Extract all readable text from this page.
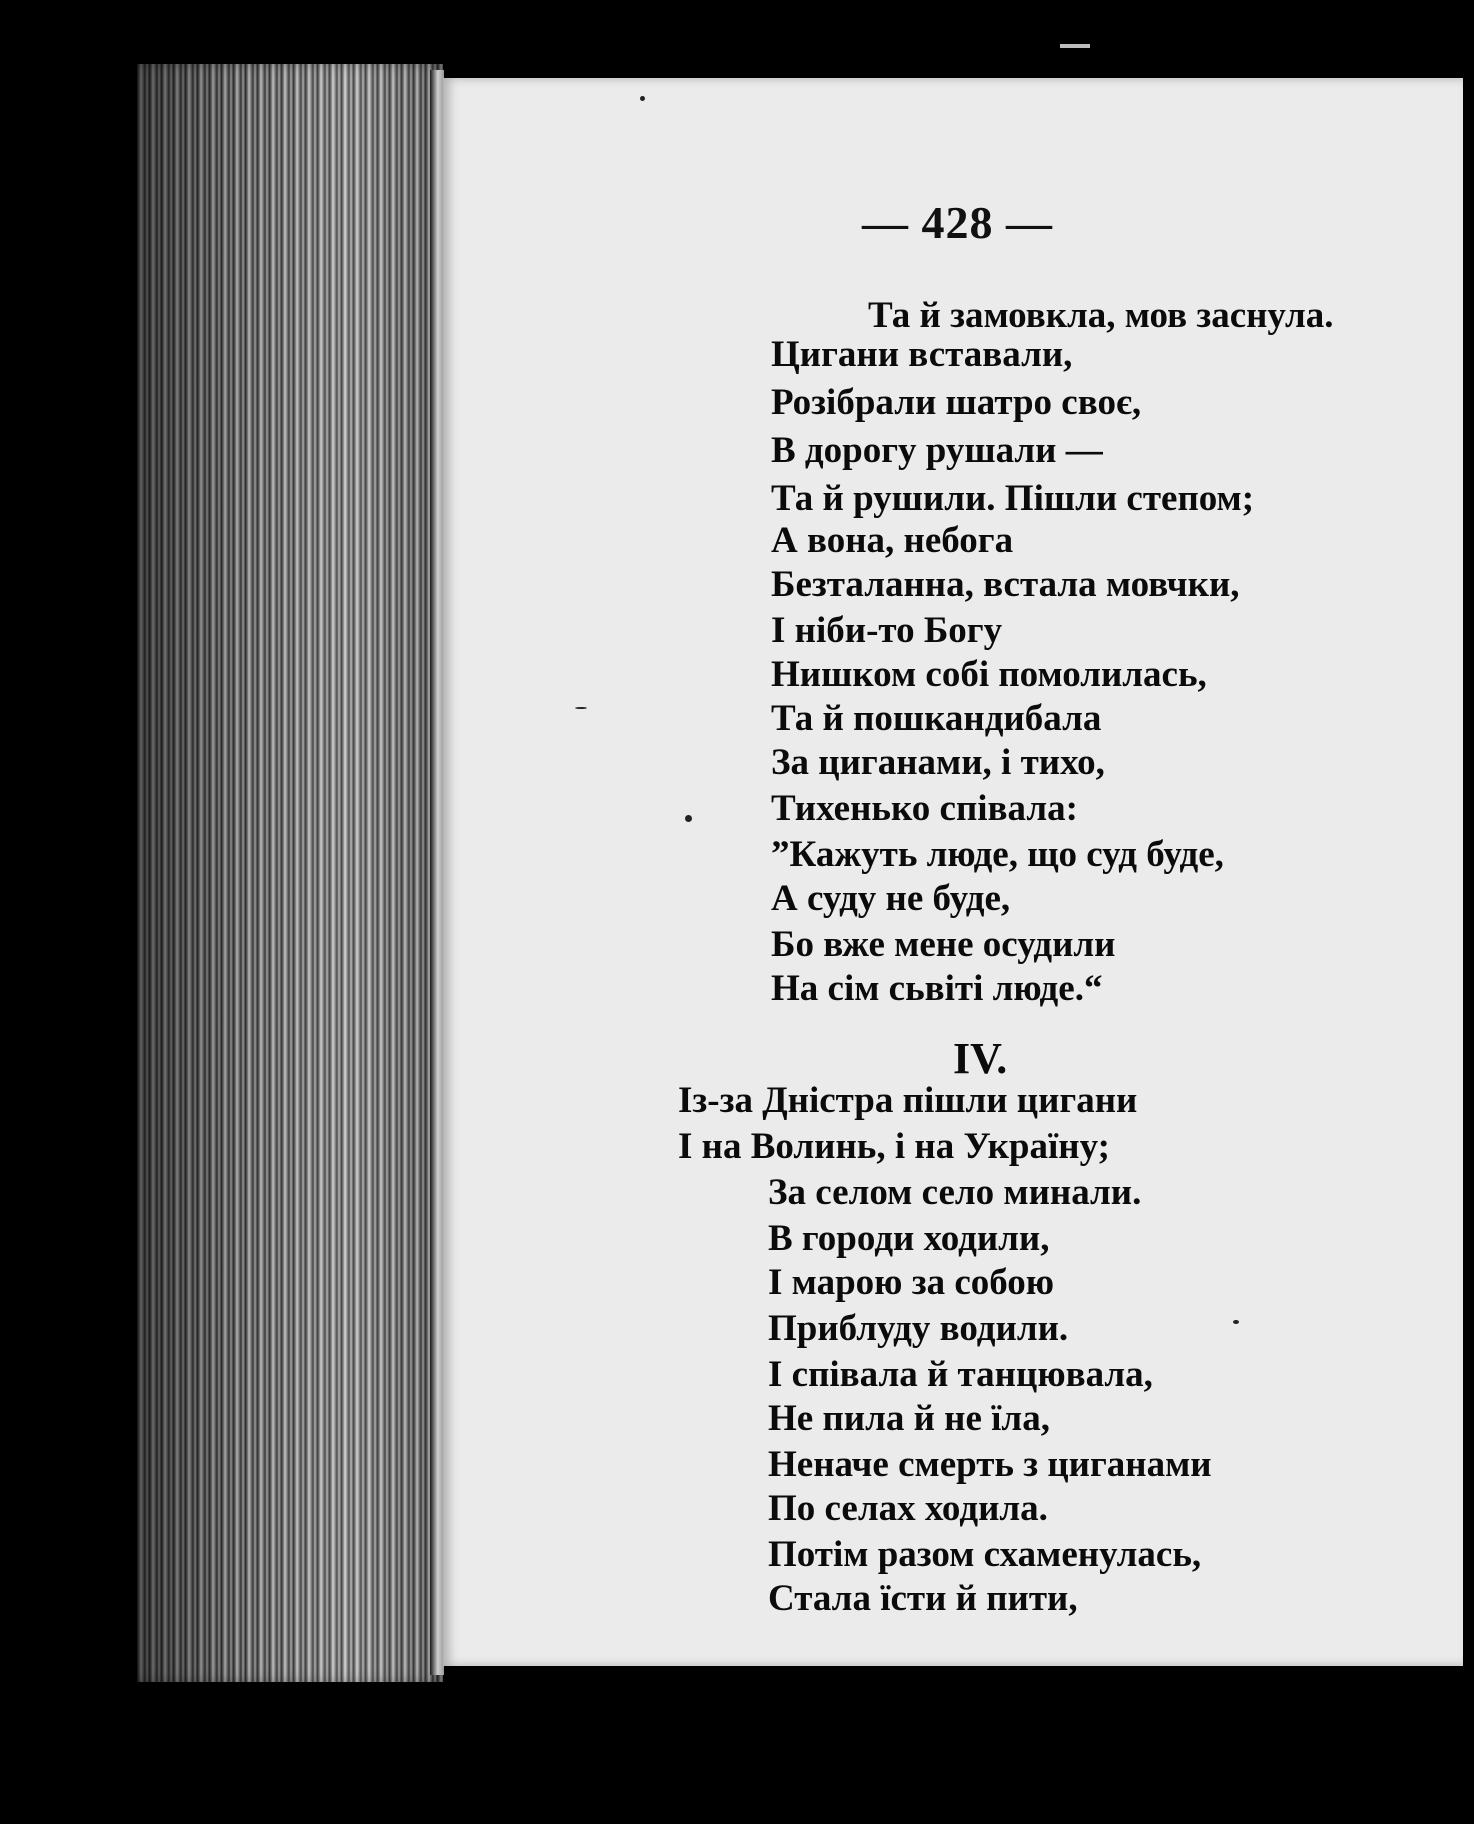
— 428 —
Та й замовкла, мов заснула.
Цигани вставали,
Розібрали шатро своє,
В дорогу рушали —
Та й рушили. Пішли степом;
А вона, небога
Безталанна, встала мовчки,
І ніби-то Богу
Нишком собі помолилась,
Та й пошкандибала
За циганами, і тихо,
Тихенько співала:
”Кажуть люде, що суд буде,
А суду не буде,
Бо вже мене осудили
На сім сьвіті люде.“
IV.
Із-за Дністра пішли цигани
І на Волинь, і на Україну;
За селом село минали.
В городи ходили,
І марою за собою
Приблуду водили.
І співала й танцювала,
Не пила й не їла,
Неначе смерть з циганами
По селах ходила.
Потім разом схаменулась,
Стала їсти й пити,
